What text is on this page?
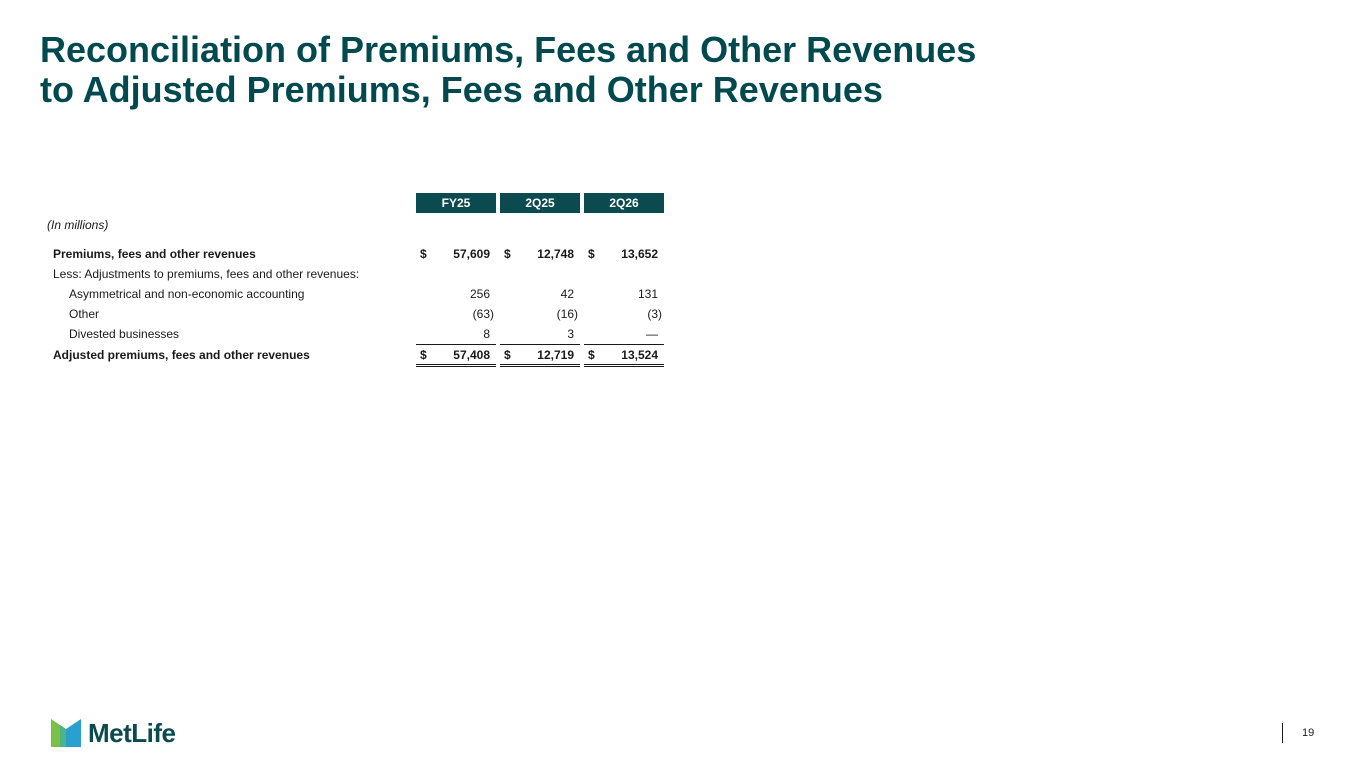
Reconciliation of Premiums, Fees and Other Revenues
to Adjusted Premiums, Fees and Other Revenues
FY25	2Q25	2Q26
(In millions)
Premiums, fees and other revenues	$ 57,609 $ 12,748 $ 13,652
Less: Adjustments to premiums, fees and other revenues:
Asymmetrical and non-economic accounting	256	42	131
Other	(63)	(16)	(3)
Divested businesses	8	3	—
Adjusted premiums, fees and other revenues	$ 57,408 $ 12,719 $ 13,524
MetLife	19
